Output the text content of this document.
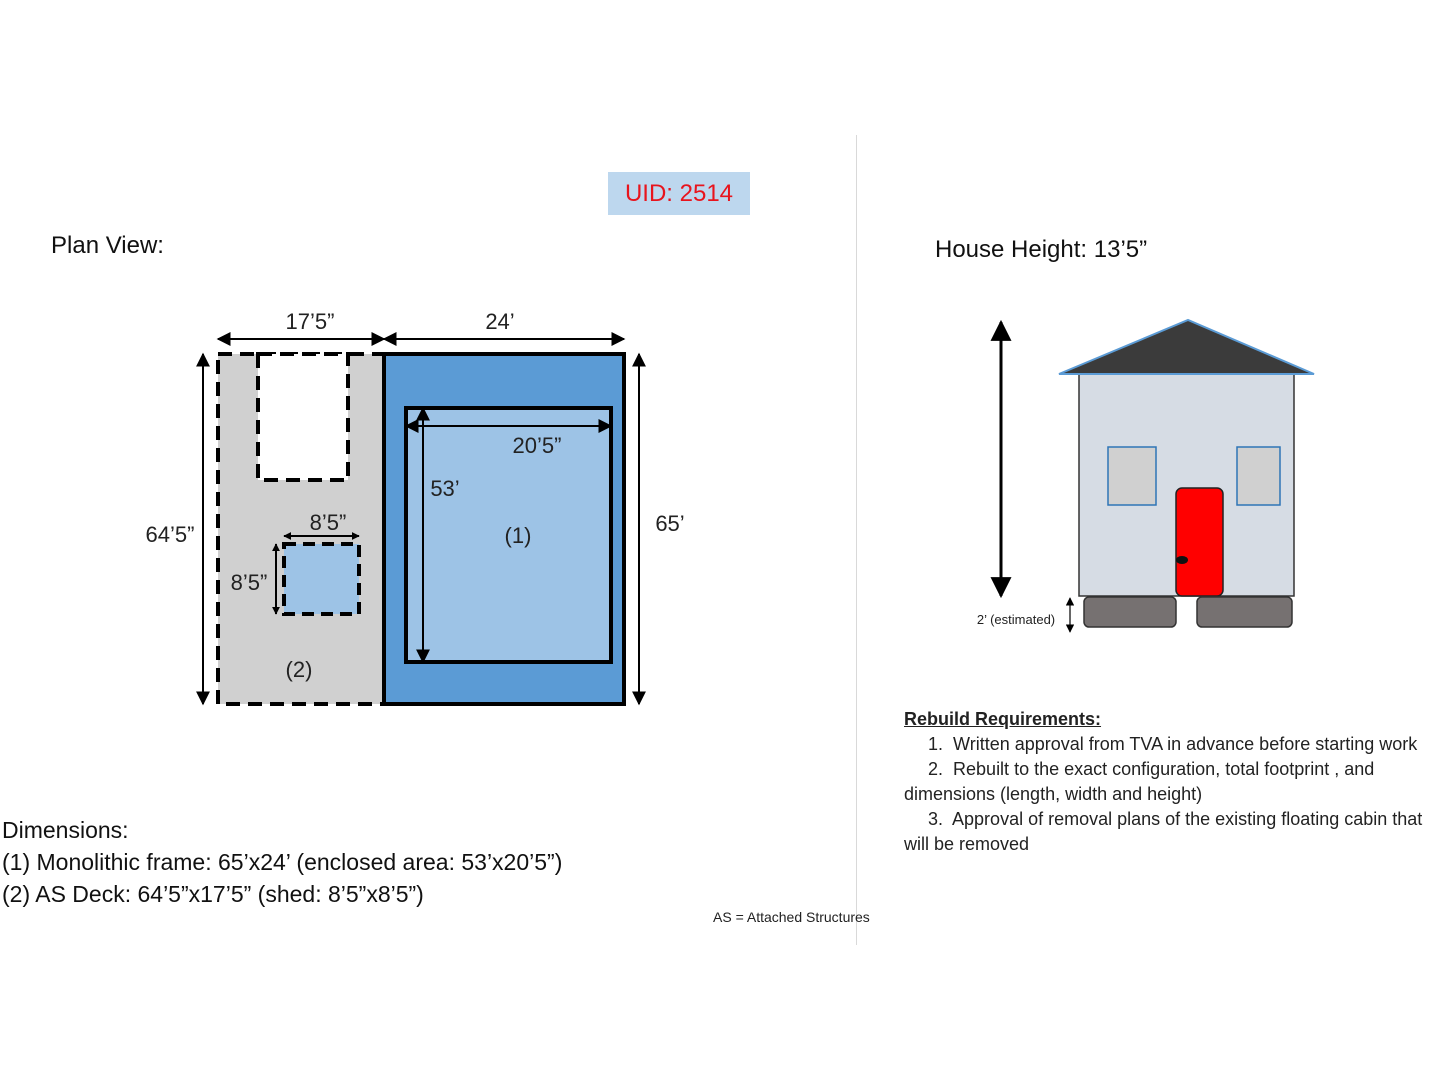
UID: 2514
Plan View:	House Height: 13’5”
17’5”	24’
64’5”	65’
20’5”
53’
(1)
(2)
8’5”
8’5”
2’ (estimated)
Dimensions:
(1) Monolithic frame: 65’x24’ (enclosed area: 53’x20’5”)
(2) AS Deck: 64’5”x17’5” (shed: 8’5”x8’5”)
AS = Attached Structures
Rebuild Requirements:
1. Written approval from TVA in advance before starting work
2. Rebuilt to the exact configuration, total footprint , and dimensions (length, width and height)
3. Approval of removal plans of the existing floating cabin that will be removed
